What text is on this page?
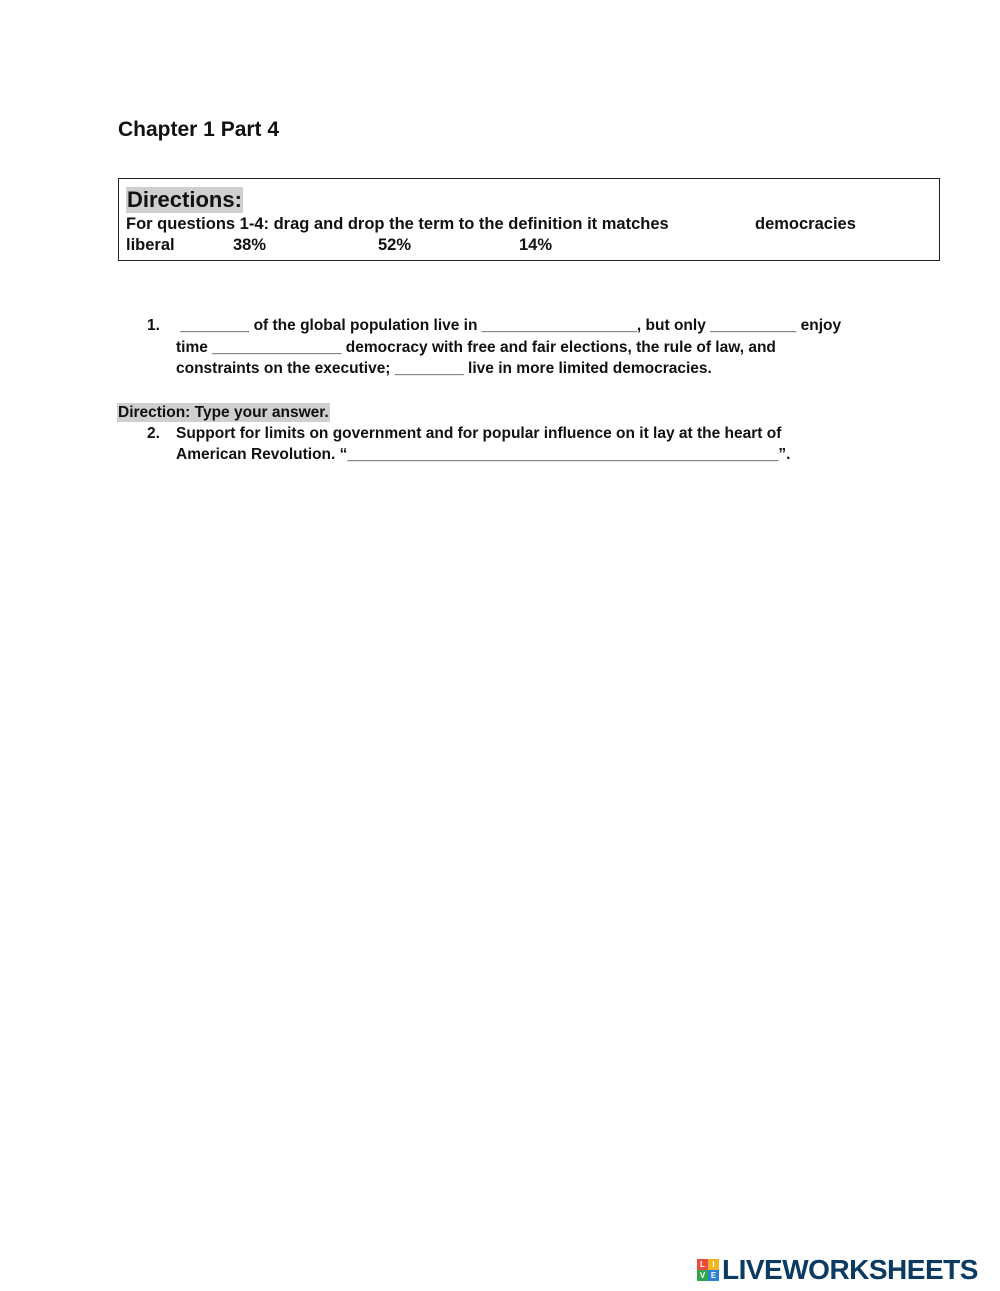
Chapter 1 Part 4
Directions:
For questions 1-4: drag and drop the term to the definition it matches	democracies
liberal	38%	52%	14%
1. ________ of the global population live in __________________, but only __________ enjoy
time _______________ democracy with free and fair elections, the rule of law, and
constraints on the executive; ________ live in more limited democracies.
Direction: Type your answer.
2. Support for limits on government and for popular influence on it lay at the heart of
American Revolution. “__________________________________________________”.
L I
V E LIVEWORKSHEETS
